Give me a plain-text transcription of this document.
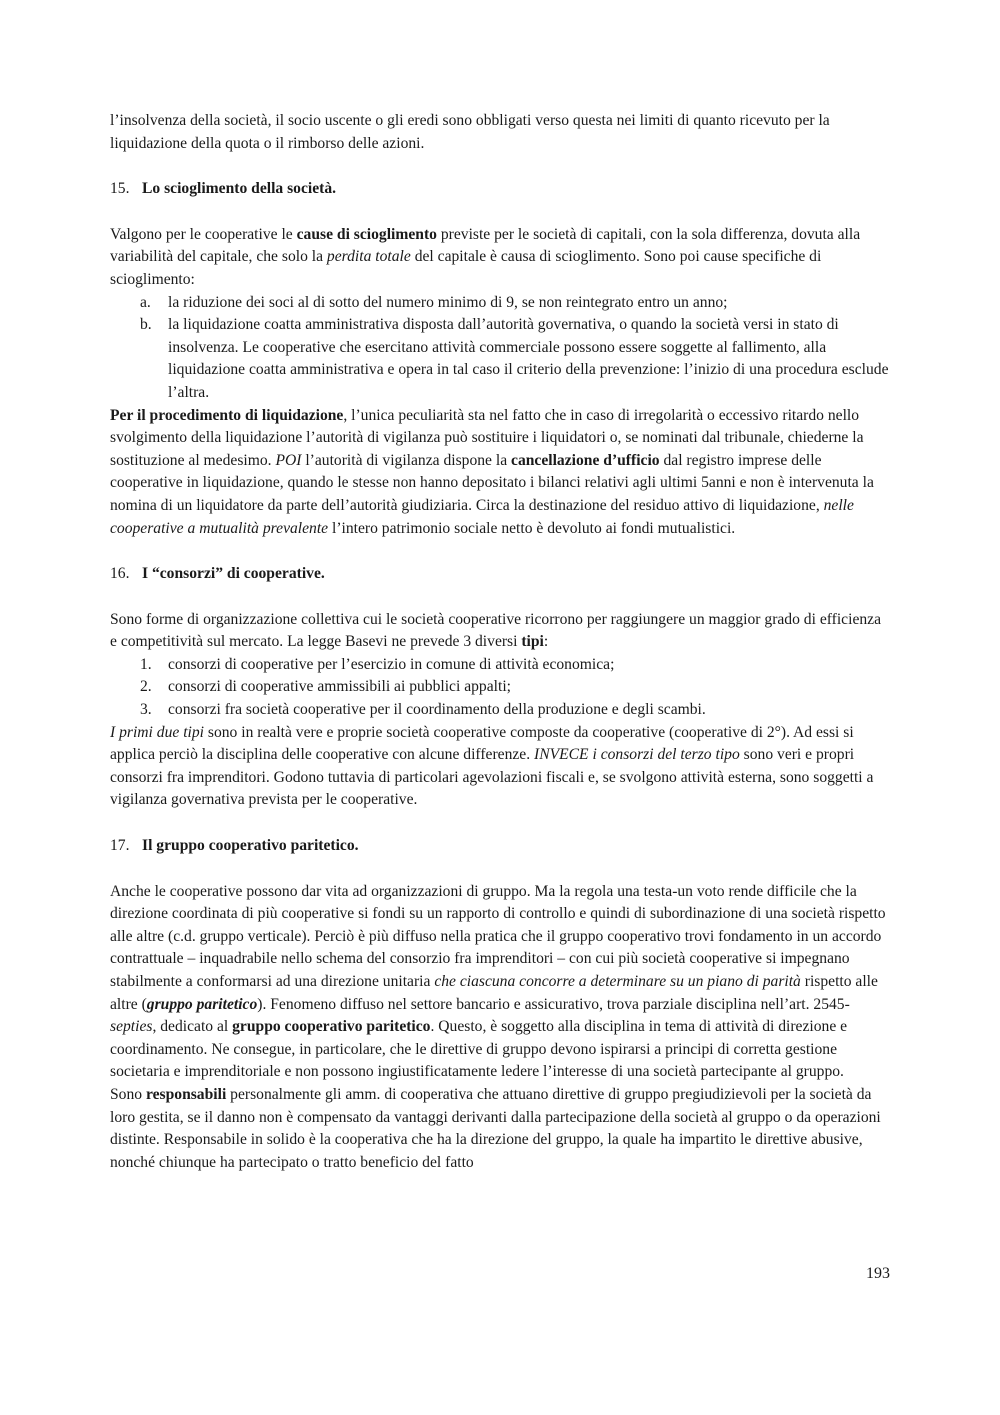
l’insolvenza della società, il socio uscente o gli eredi sono obbligati verso questa nei limiti di quanto ricevuto per la liquidazione della quota o il rimborso delle azioni.

15. Lo scioglimento della società.

Valgono per le cooperative le cause di scioglimento previste per le società di capitali, con la sola differenza, dovuta alla variabilità del capitale, che solo la perdita totale del capitale è causa di scioglimento. Sono poi cause specifiche di scioglimento:

a. la riduzione dei soci al di sotto del numero minimo di 9, se non reintegrato entro un anno;
b. la liquidazione coatta amministrativa disposta dall’autorità governativa, o quando la società versi in stato di insolvenza. Le cooperative che esercitano attività commerciale possono essere soggette al fallimento, alla liquidazione coatta amministrativa e opera in tal caso il criterio della prevenzione: l’inizio di una procedura esclude l’altra.

Per il procedimento di liquidazione, l’unica peculiarità sta nel fatto che in caso di irregolarità o eccessivo ritardo nello svolgimento della liquidazione l’autorità di vigilanza può sostituire i liquidatori o, se nominati dal tribunale, chiederne la sostituzione al medesimo. POI l’autorità di vigilanza dispone la cancellazione d’ufficio dal registro imprese delle cooperative in liquidazione, quando le stesse non hanno depositato i bilanci relativi agli ultimi 5anni e non è intervenuta la nomina di un liquidatore da parte dell’autorità giudiziaria. Circa la destinazione del residuo attivo di liquidazione, nelle cooperative a mutualità prevalente l’intero patrimonio sociale netto è devoluto ai fondi mutualistici.

16. I “consorzi” di cooperative.

Sono forme di organizzazione collettiva cui le società cooperative ricorrono per raggiungere un maggior grado di efficienza e competitività sul mercato. La legge Basevi ne prevede 3 diversi tipi:

1. consorzi di cooperative per l’esercizio in comune di attività economica;
2. consorzi di cooperative ammissibili ai pubblici appalti;
3. consorzi fra società cooperative per il coordinamento della produzione e degli scambi.

I primi due tipi sono in realtà vere e proprie società cooperative composte da cooperative (cooperative di 2°). Ad essi si applica perciò la disciplina delle cooperative con alcune differenze. INVECE i consorzi del terzo tipo sono veri e propri consorzi fra imprenditori. Godono tuttavia di particolari agevolazioni fiscali e, se svolgono attività esterna, sono soggetti a vigilanza governativa prevista per le cooperative.

17. Il gruppo cooperativo paritetico.

Anche le cooperative possono dar vita ad organizzazioni di gruppo. Ma la regola una testa-un voto rende difficile che la direzione coordinata di più cooperative si fondi su un rapporto di controllo e quindi di subordinazione di una società rispetto alle altre (c.d. gruppo verticale). Perciò è più diffuso nella pratica che il gruppo cooperativo trovi fondamento in un accordo contrattuale – inquadrabile nello schema del consorzio fra imprenditori – con cui più società cooperative si impegnano stabilmente a conformarsi ad una direzione unitaria che ciascuna concorre a determinare su un piano di parità rispetto alle altre (gruppo paritetico). Fenomeno diffuso nel settore bancario e assicurativo, trova parziale disciplina nell’art. 2545-septies, dedicato al gruppo cooperativo paritetico. Questo, è soggetto alla disciplina in tema di attività di direzione e coordinamento. Ne consegue, in particolare, che le direttive di gruppo devono ispirarsi a principi di corretta gestione societaria e imprenditoriale e non possono ingiustificatamente ledere l’interesse di una società partecipante al gruppo.

Sono responsabili personalmente gli amm. di cooperativa che attuano direttive di gruppo pregiudizievoli per la società da loro gestita, se il danno non è compensato da vantaggi derivanti dalla partecipazione della società al gruppo o da operazioni distinte. Responsabile in solido è la cooperativa che ha la direzione del gruppo, la quale ha impartito le direttive abusive, nonché chiunque ha partecipato o tratto beneficio del fatto

193
